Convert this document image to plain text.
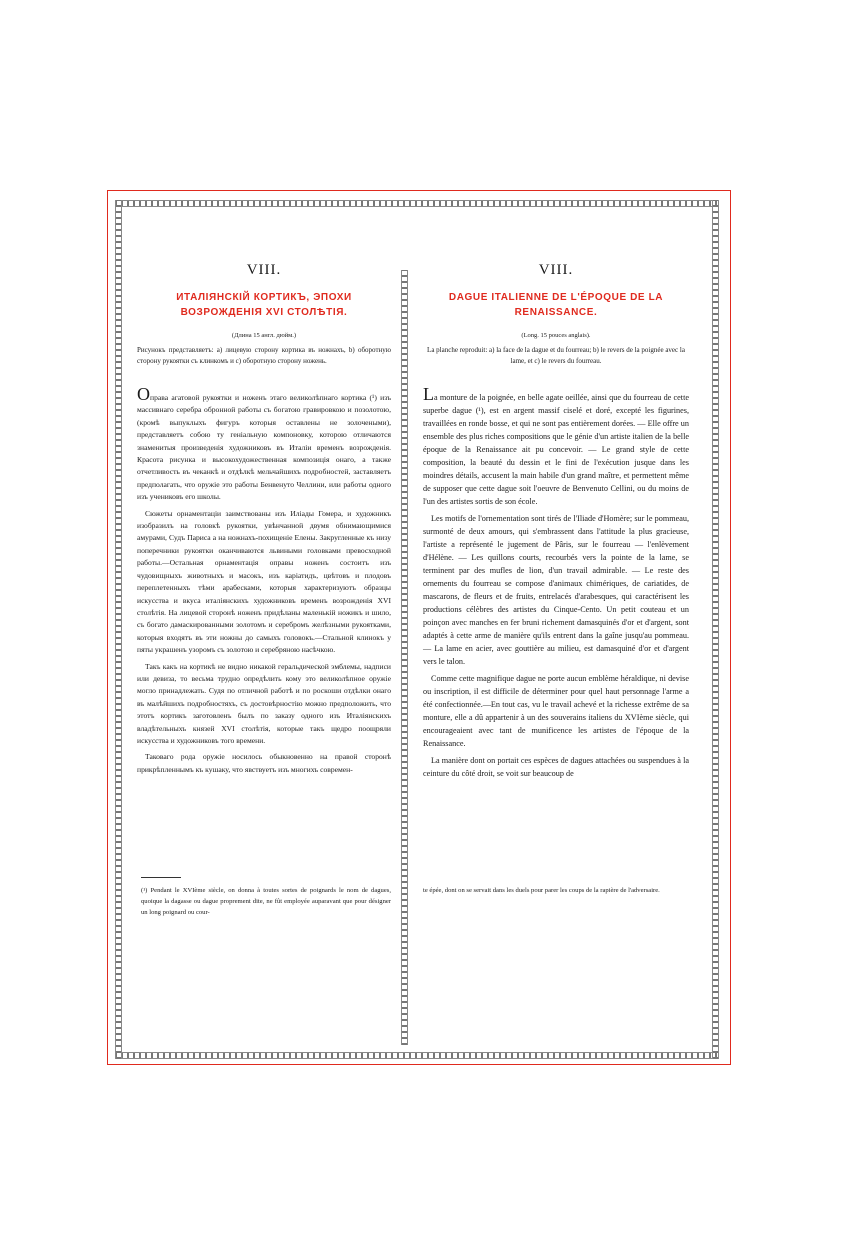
VIII.
ИТАЛІЯНСКІЙ КОРТИКЪ, ЭПОХИ ВОЗРОЖДЕНІЯ XVI СТОЛѢТІЯ.
(Длина 15 англ. дюйм.)
Рисунокъ представляетъ: а) лицевую сторону кортика въ ножнахъ, b) оборотную сторону рукоятки съ клинкомъ и c) оборотную сторону ножень.

Оправа агатовой рукоятки и ноженъ этаго великолѣпнаго кортика (¹) изъ массивнаго серебра обронной работы съ богатою гравировкою и позолотою, (кромѣ выпуклыхъ фигуръ которыя оставлены не золочеными), представляетъ собою ту геніальную компоновку, которою отличаются знаменитыя произведенія художниковъ въ Италіи временъ возрожденія. Красота рисунка и высокохудожественная композиція онаго, а также отчетливость въ чеканкѣ и отдѣлкѣ мельчайшихъ подробностей, заставляетъ предполагать, что оружіе это работы Бенвенуто Челлини, или работы одного изъ учениковъ его школы.

Сюжеты орнаментаціи заимствованы изъ Иліады Гомера, и художникъ изобразилъ на головкѣ рукоятки, увѣнчанной двумя обнимающимися амурами, Судъ Париса а на ножнахъ-похищеніе Елены. Закругленные къ низу поперечники рукоятки оканчиваются львиными головками превосходной работы.—Остальная орнаментація оправы ноженъ состоитъ изъ чудовищныхъ животныхъ и масокъ, изъ каріатидъ, цвѣтовъ и плодовъ переплетенныхъ тѣми арабесками, которыя характеризуютъ образцы искусства и вкуса италіянскихъ художниковъ временъ возрожденія XVI столѣтія. На лицевой сторонѣ ноженъ придѣланы маленькій ножикъ и шило, съ богато дамаскированными золотомъ и серебромъ желѣзными рукоятками, которыя входятъ въ эти ножны до самыхъ головокъ.—Стальной клинокъ у пяты украшенъ узоромъ съ золотою и серебряною насѣчкою.

Такъ какъ на кортикѣ не видно никакой геральдической эмблемы, надписи или девиза, то весьма трудно опредѣлить кому это великолѣпное оружіе могло принадлежать. Судя по отличной работѣ и по роскоши отдѣлки онаго въ малѣйшихъ подробностяхъ, съ достовѣрностію можно предположить, что этотъ кортикъ заготовленъ былъ по заказу одного изъ Италіянскихъ владѣтельныхъ князей XVI столѣтія, которые такъ щедро поощряли искусства и художниковъ того времени.

Таковаго рода оружіе носилось обыкновенно на правой сторонѣ прикрѣпленнымъ къ кушаку, что явствуетъ изъ многихъ современ-

VIII.
DAGUE ITALIENNE DE L'ÉPOQUE DE LA RENAISSANCE.
(Long. 15 pouces anglais).
La planche reproduit: a) la face de la dague et du fourreau; b) le revers de la poignée avec la lame, et c) le revers du fourreau.

La monture de la poignée, en belle agate oeillée, ainsi que du fourreau de cette superbe dague (¹), est en argent massif ciselé et doré, excepté les figurines, travaillées en ronde bosse, et qui ne sont pas entièrement dorées. — Elle offre un ensemble des plus riches compositions que le génie d'un artiste italien de la belle époque de la Renaissance ait pu concevoir. — Le grand style de cette composition, la beauté du dessin et le fini de l'exécution jusque dans les moindres détails, accusent la main habile d'un grand maître, et permettent même de supposer que cette dague soit l'oeuvre de Benvenuto Cellini, ou du moins de l'un des artistes sortis de son école.

Les motifs de l'ornementation sont tirés de l'Iliade d'Homère; sur le pommeau, surmonté de deux amours, qui s'embrassent dans l'attitude la plus gracieuse, l'artiste a représenté le jugement de Pâris, sur le fourreau — l'enlèvement d'Hélène. — Les quillons courts, recourbés vers la pointe de la lame, se terminent par des mufles de lion, d'un travail admirable. — Le reste des ornements du fourreau se compose d'animaux chimériques, de cariatides, de mascarons, de fleurs et de fruits, entrelacés d'arabesques, qui caractérisent les productions célèbres des artistes du Cinque-Cento. Un petit couteau et un poinçon avec manches en fer bruni richement damasquinés d'or et d'argent, sont adaptés à cette arme de manière qu'ils entrent dans la gaîne jusqu'au pommeau. — La lame en acier, avec gouttière au milieu, est damasquiné d'or et d'argent vers le talon.

Comme cette magnifique dague ne porte aucun emblème héraldique, ni devise ou inscription, il est difficile de déterminer pour quel haut personnage l'arme a été confectionnée.—En tout cas, vu le travail achevé et la richesse extrême de sa monture, elle a dû appartenir à un des souverains italiens du XVIème siècle, qui encourageaient avec tant de munificence les artistes de l'époque de la Renaissance.

La manière dont on portait ces espèces de dagues attachées ou suspendues à la ceinture du côté droit, se voit sur beaucoup de

(¹) Pendant le XVIème siècle, on donna à toutes sortes de poignards le nom de dagues, quoique la dagasse ou dague proprement dite, ne fût employée auparavant que pour désigner un long poignard ou cour-
te épée, dont on se servait dans les duels pour parer les coups de la rapière de l'adversaire.
